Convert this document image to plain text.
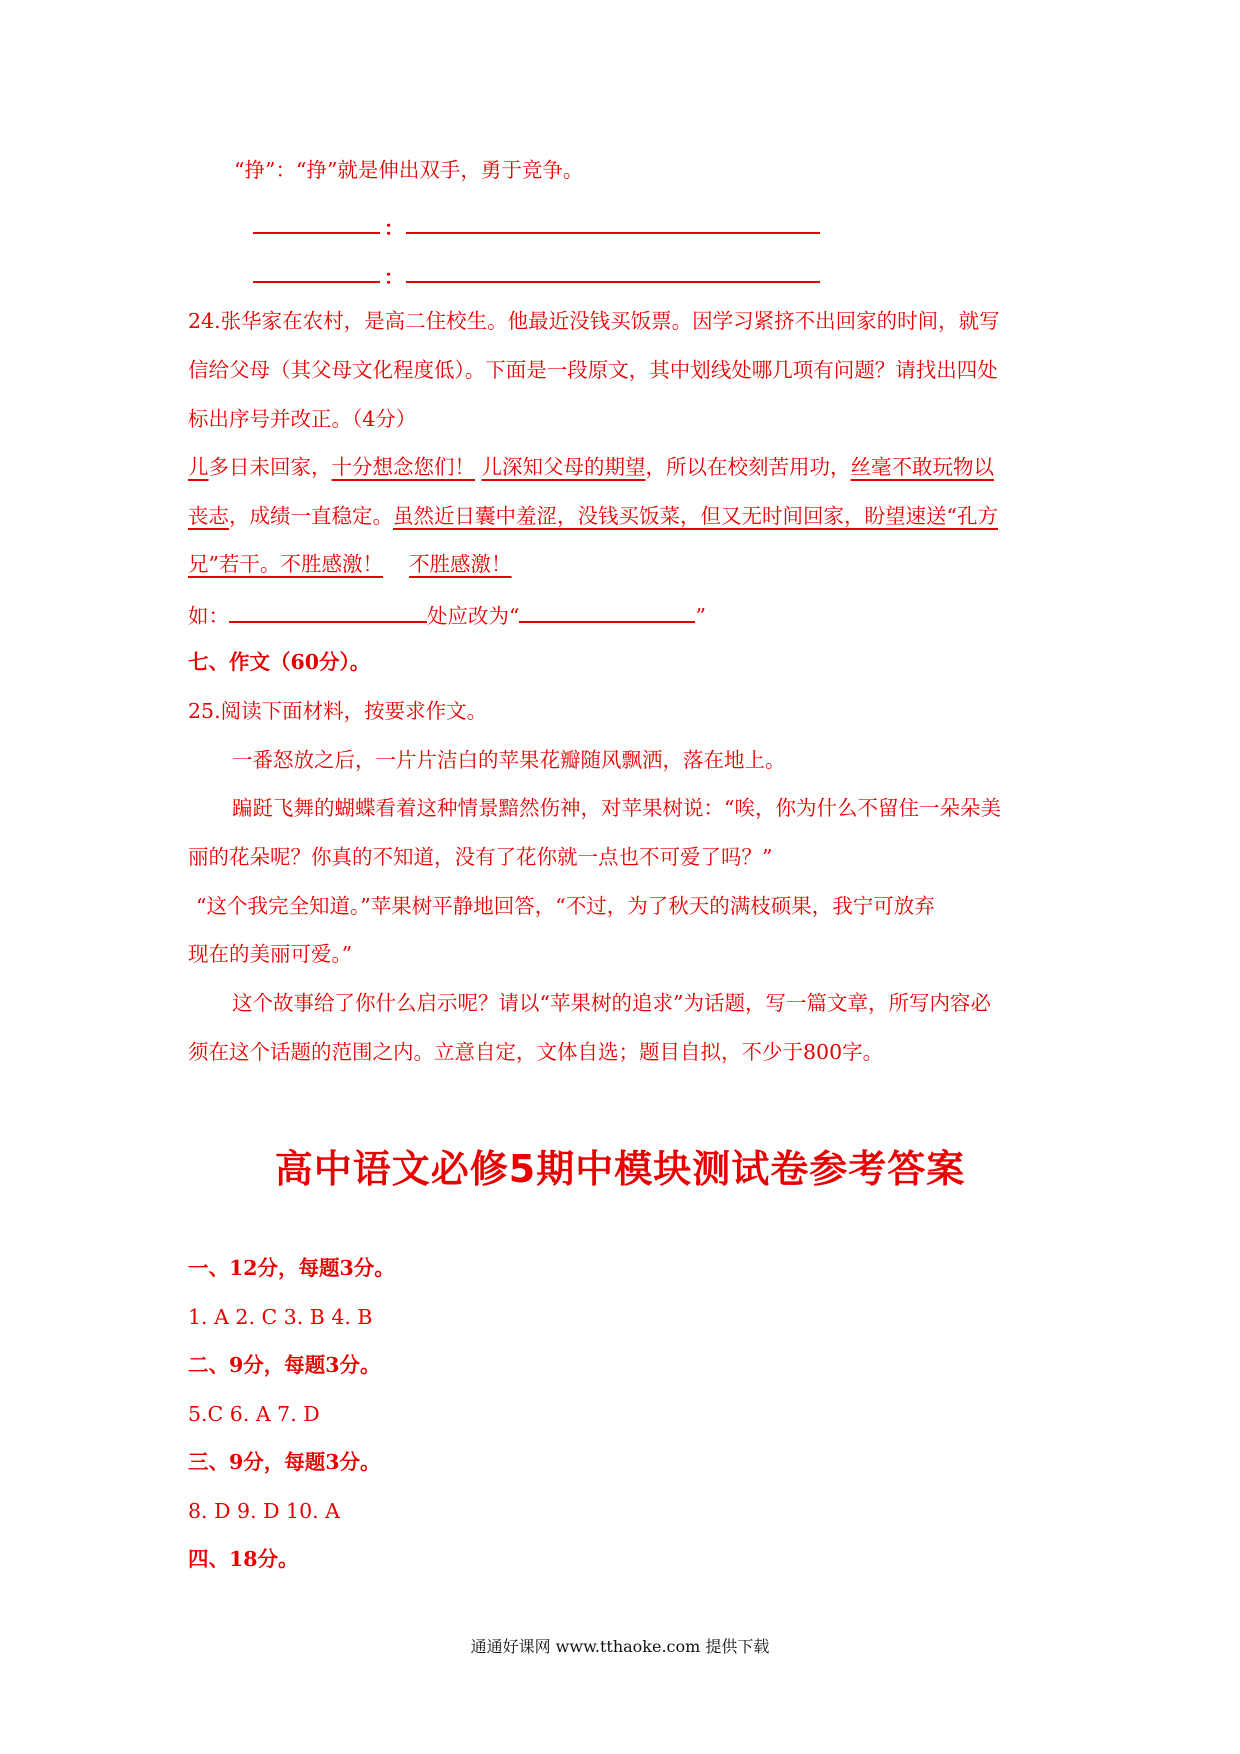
“挣”：“挣”就是伸出双手，勇于竞争。
：
：
24.张华家在农村，是高二住校生。他最近没钱买饭票。因学习紧挤不出回家的时间，就写
信给父母（其父母文化程度低）。下面是一段原文，其中划线处哪几项有问题？请找出四处
标出序号并改正。（4分）
儿多日未回家，十分想念您们！ 儿深知父母的期望，所以在校刻苦用功，丝毫不敢玩物以
丧志，成绩一直稳定。虽然近日囊中羞涩，没钱买饭菜，但又无时间回家，盼望速送“孔方
兄”若干。不胜感激！ 不胜感激！
如：	处应改为“	”
七、作文（60分）。
25.阅读下面材料，按要求作文。
一番怒放之后，一片片洁白的苹果花瓣随风飘洒，落在地上。
蹁跹飞舞的蝴蝶看着这种情景黯然伤神，对苹果树说：“唉，你为什么不留住一朵朵美
丽的花朵呢？你真的不知道，没有了花你就一点也不可爱了吗？”
“这个我完全知道。”苹果树平静地回答，“不过，为了秋天的满枝硕果，我宁可放弃
现在的美丽可爱。”
这个故事给了你什么启示呢？请以“苹果树的追求”为话题，写一篇文章，所写内容必
须在这个话题的范围之内。立意自定，文体自选；题目自拟，不少于800字。
高中语文必修5期中模块测试卷参考答案
一、12分，每题3分。
1. A 2. C 3. B 4. B
二、9分，每题3分。
5.C 6. A 7. D
三、9分，每题3分。
8. D 9. D 10. A
四、18分。
通通好课网 www.tthaoke.com 提供下载
